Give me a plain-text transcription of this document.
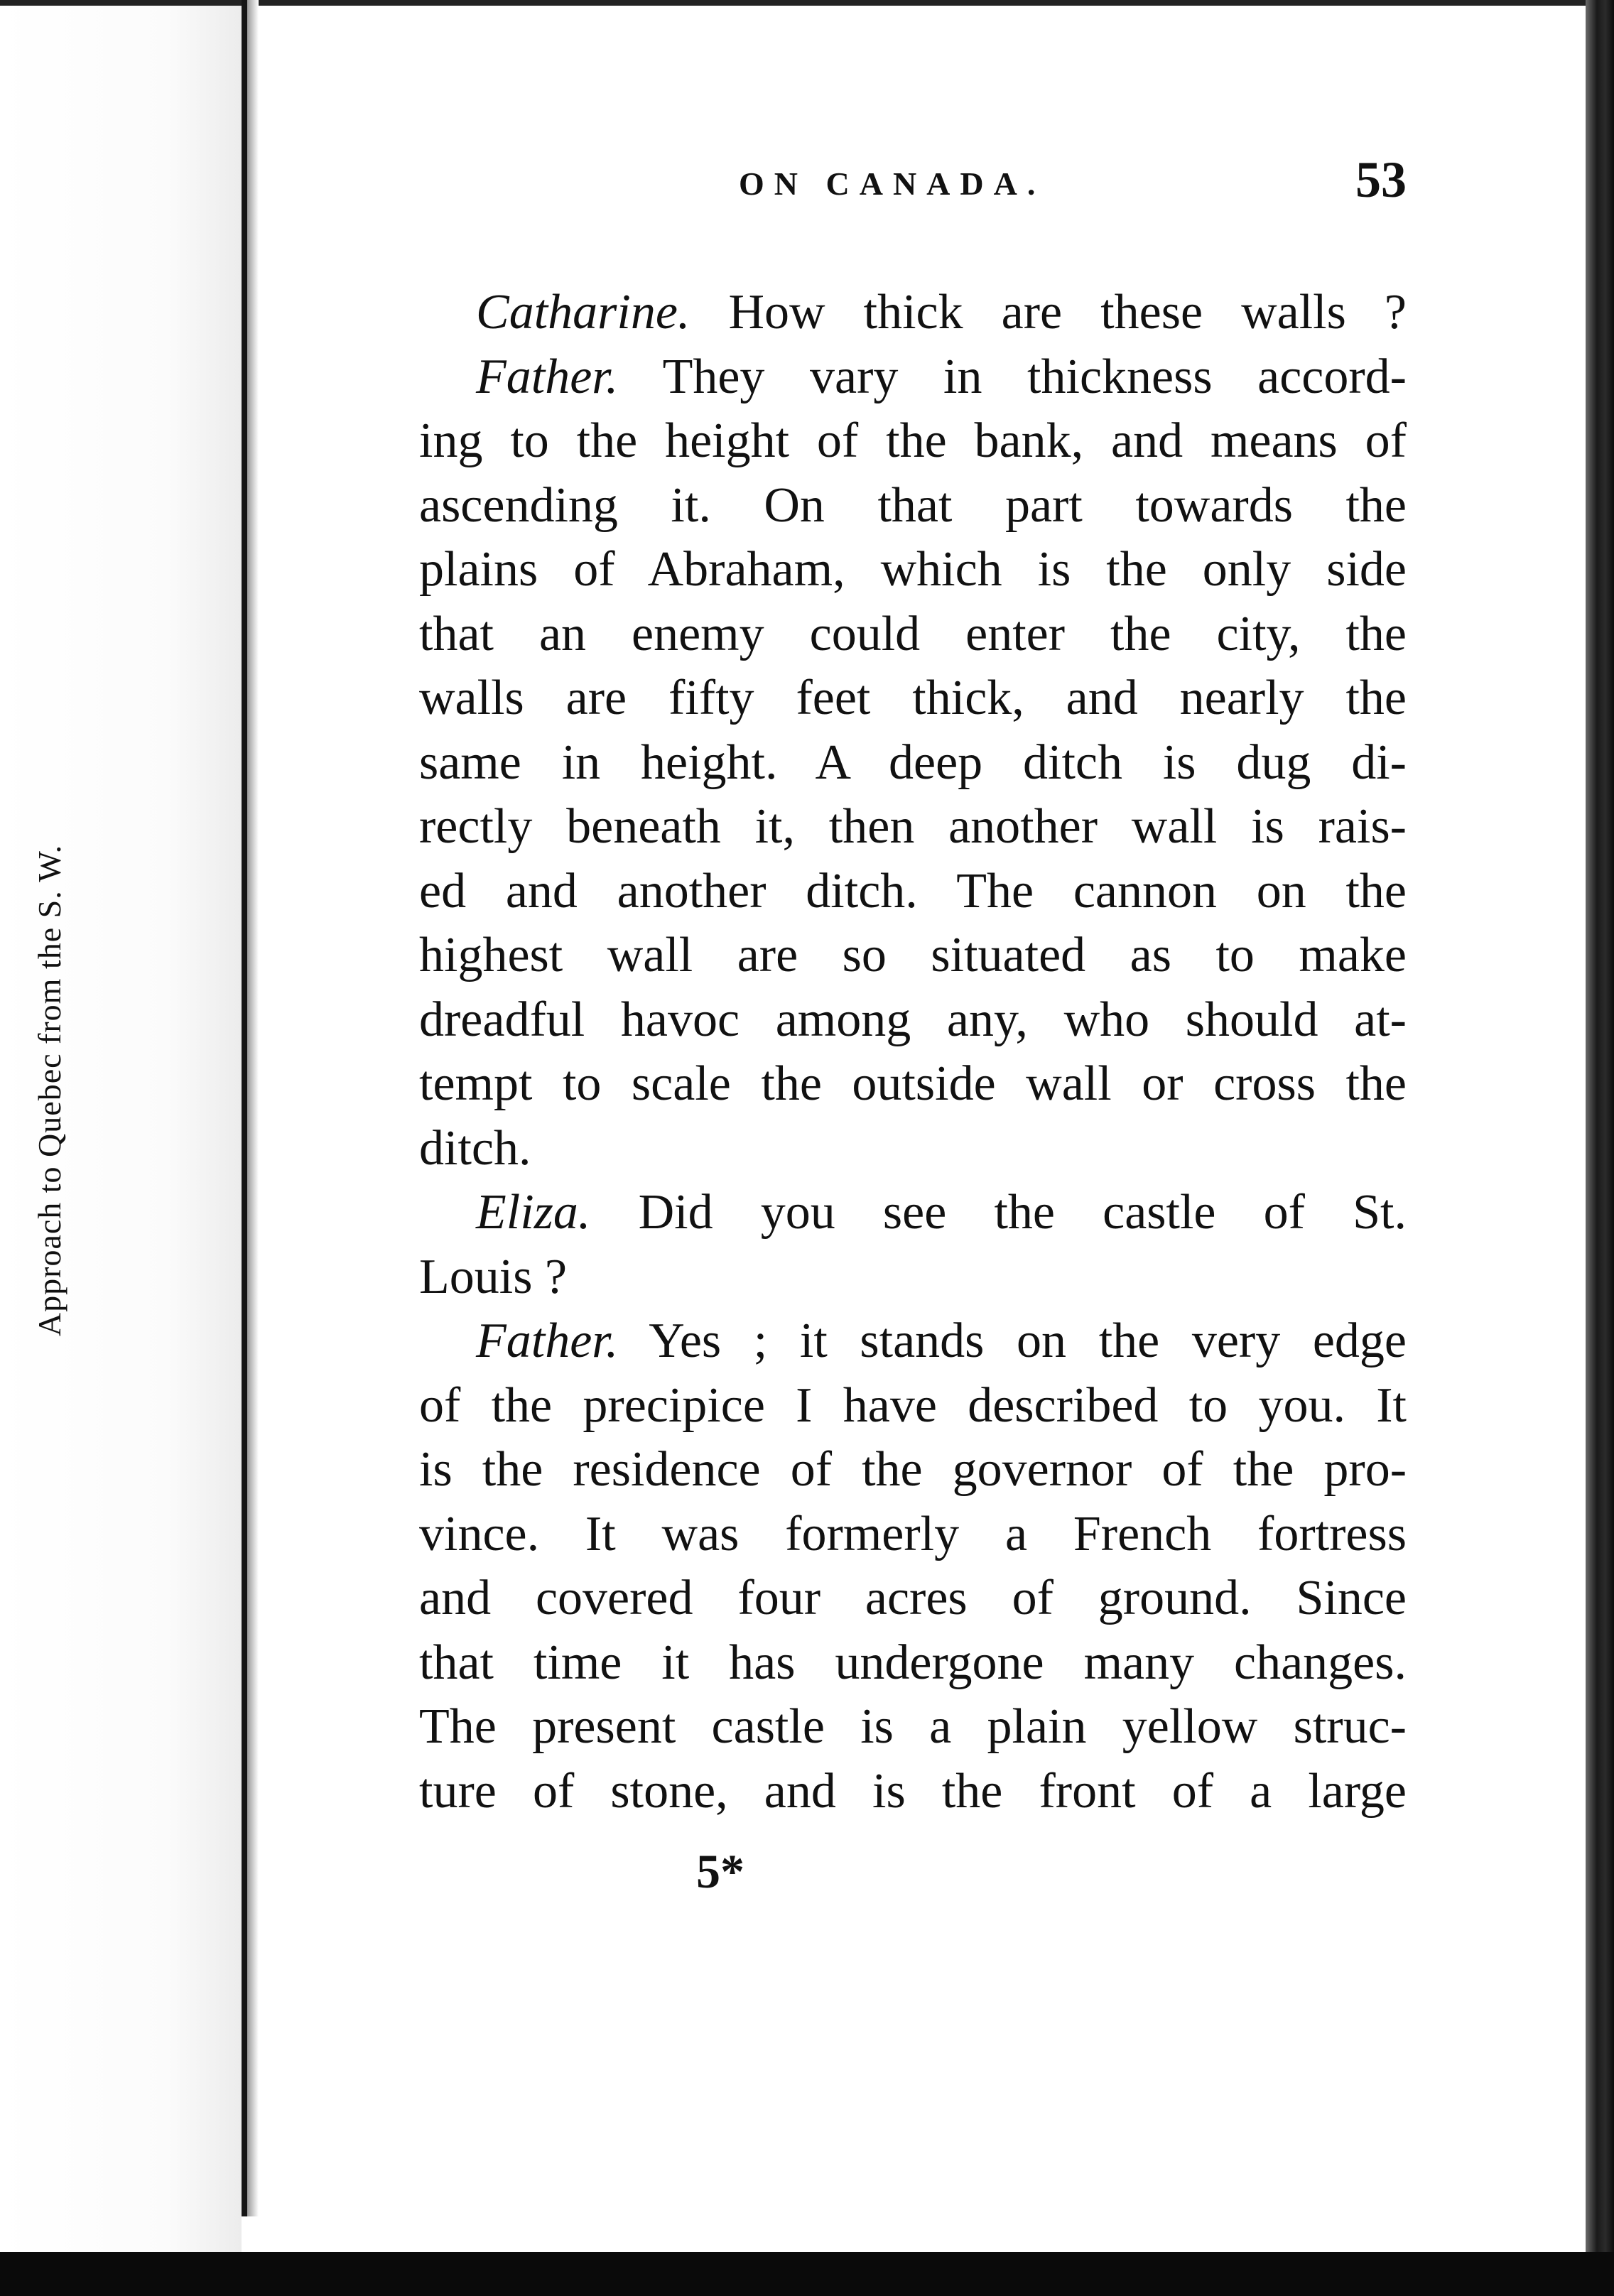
Approach to Quebec from the S. W.
ON CANADA.	53
Catharine. How thick are these walls ?
Father. They vary in thickness accord-
ing to the height of the bank, and means of
ascending it. On that part towards the
plains of Abraham, which is the only side
that an enemy could enter the city, the
walls are fifty feet thick, and nearly the
same in height. A deep ditch is dug di-
rectly beneath it, then another wall is rais-
ed and another ditch. The cannon on the
highest wall are so situated as to make
dreadful havoc among any, who should at-
tempt to scale the outside wall or cross the
ditch.
Eliza. Did you see the castle of St.
Louis ?
Father. Yes ; it stands on the very edge
of the precipice I have described to you. It
is the residence of the governor of the pro-
vince. It was formerly a French fortress
and covered four acres of ground. Since
that time it has undergone many changes.
The present castle is a plain yellow struc-
ture of stone, and is the front of a large
5*
